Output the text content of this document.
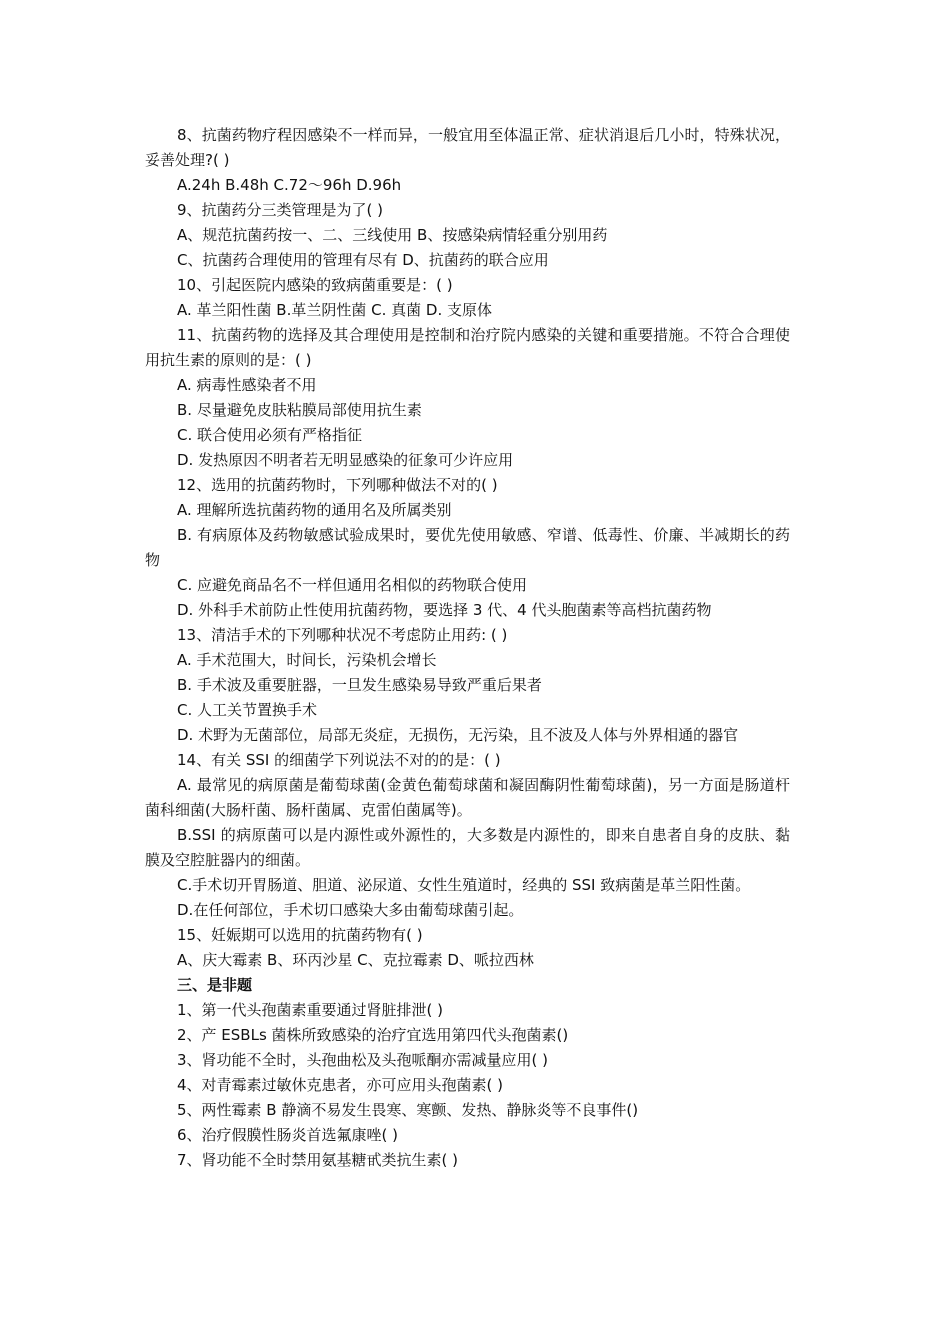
8、抗菌药物疗程因感染不一样而异，一般宜用至体温正常、症状消退后几小时，特殊状况，妥善处理?( )

A.24h B.48h C.72～96h D.96h

9、抗菌药分三类管理是为了( )

A、规范抗菌药按一、二、三线使用 B、按感染病情轻重分别用药

C、抗菌药合理使用的管理有尽有 D、抗菌药的联合应用

10、引起医院内感染的致病菌重要是：( )

A. 革兰阳性菌 B.革兰阴性菌 C. 真菌 D. 支原体

11、抗菌药物的选择及其合理使用是控制和治疗院内感染的关键和重要措施。不符合合理使用抗生素的原则的是：( )

A. 病毒性感染者不用

B. 尽量避免皮肤粘膜局部使用抗生素

C. 联合使用必须有严格指征

D. 发热原因不明者若无明显感染的征象可少许应用

12、选用的抗菌药物时，下列哪种做法不对的( )

A. 理解所选抗菌药物的通用名及所属类别

B. 有病原体及药物敏感试验成果时，要优先使用敏感、窄谱、低毒性、价廉、半减期长的药物

C. 应避免商品名不一样但通用名相似的药物联合使用

D. 外科手术前防止性使用抗菌药物，要选择 3 代、4 代头胞菌素等高档抗菌药物

13、清洁手术的下列哪种状况不考虑防止用药: ( )

A. 手术范围大，时间长，污染机会增长

B. 手术波及重要脏器，一旦发生感染易导致严重后果者

C. 人工关节置换手术

D. 术野为无菌部位，局部无炎症，无损伤，无污染，且不波及人体与外界相通的器官

14、有关 SSI 的细菌学下列说法不对的的是：( )

A. 最常见的病原菌是葡萄球菌(金黄色葡萄球菌和凝固酶阴性葡萄球菌)，另一方面是肠道杆菌科细菌(大肠杆菌、肠杆菌属、克雷伯菌属等)。

B.SSI 的病原菌可以是内源性或外源性的，大多数是内源性的，即来自患者自身的皮肤、黏膜及空腔脏器内的细菌。

C.手术切开胃肠道、胆道、泌尿道、女性生殖道时，经典的 SSI 致病菌是革兰阳性菌。

D.在任何部位，手术切口感染大多由葡萄球菌引起。

15、妊娠期可以选用的抗菌药物有( )

A、庆大霉素 B、环丙沙星 C、克拉霉素 D、哌拉西林

三、是非题

1、第一代头孢菌素重要通过肾脏排泄( )

2、产 ESBLs 菌株所致感染的治疗宜选用第四代头孢菌素()

3、肾功能不全时，头孢曲松及头孢哌酮亦需减量应用( )

4、对青霉素过敏休克患者，亦可应用头孢菌素( )

5、两性霉素 B 静滴不易发生畏寒、寒颤、发热、静脉炎等不良事件()

6、治疗假膜性肠炎首选氟康唑( )

7、肾功能不全时禁用氨基糖甙类抗生素( )
